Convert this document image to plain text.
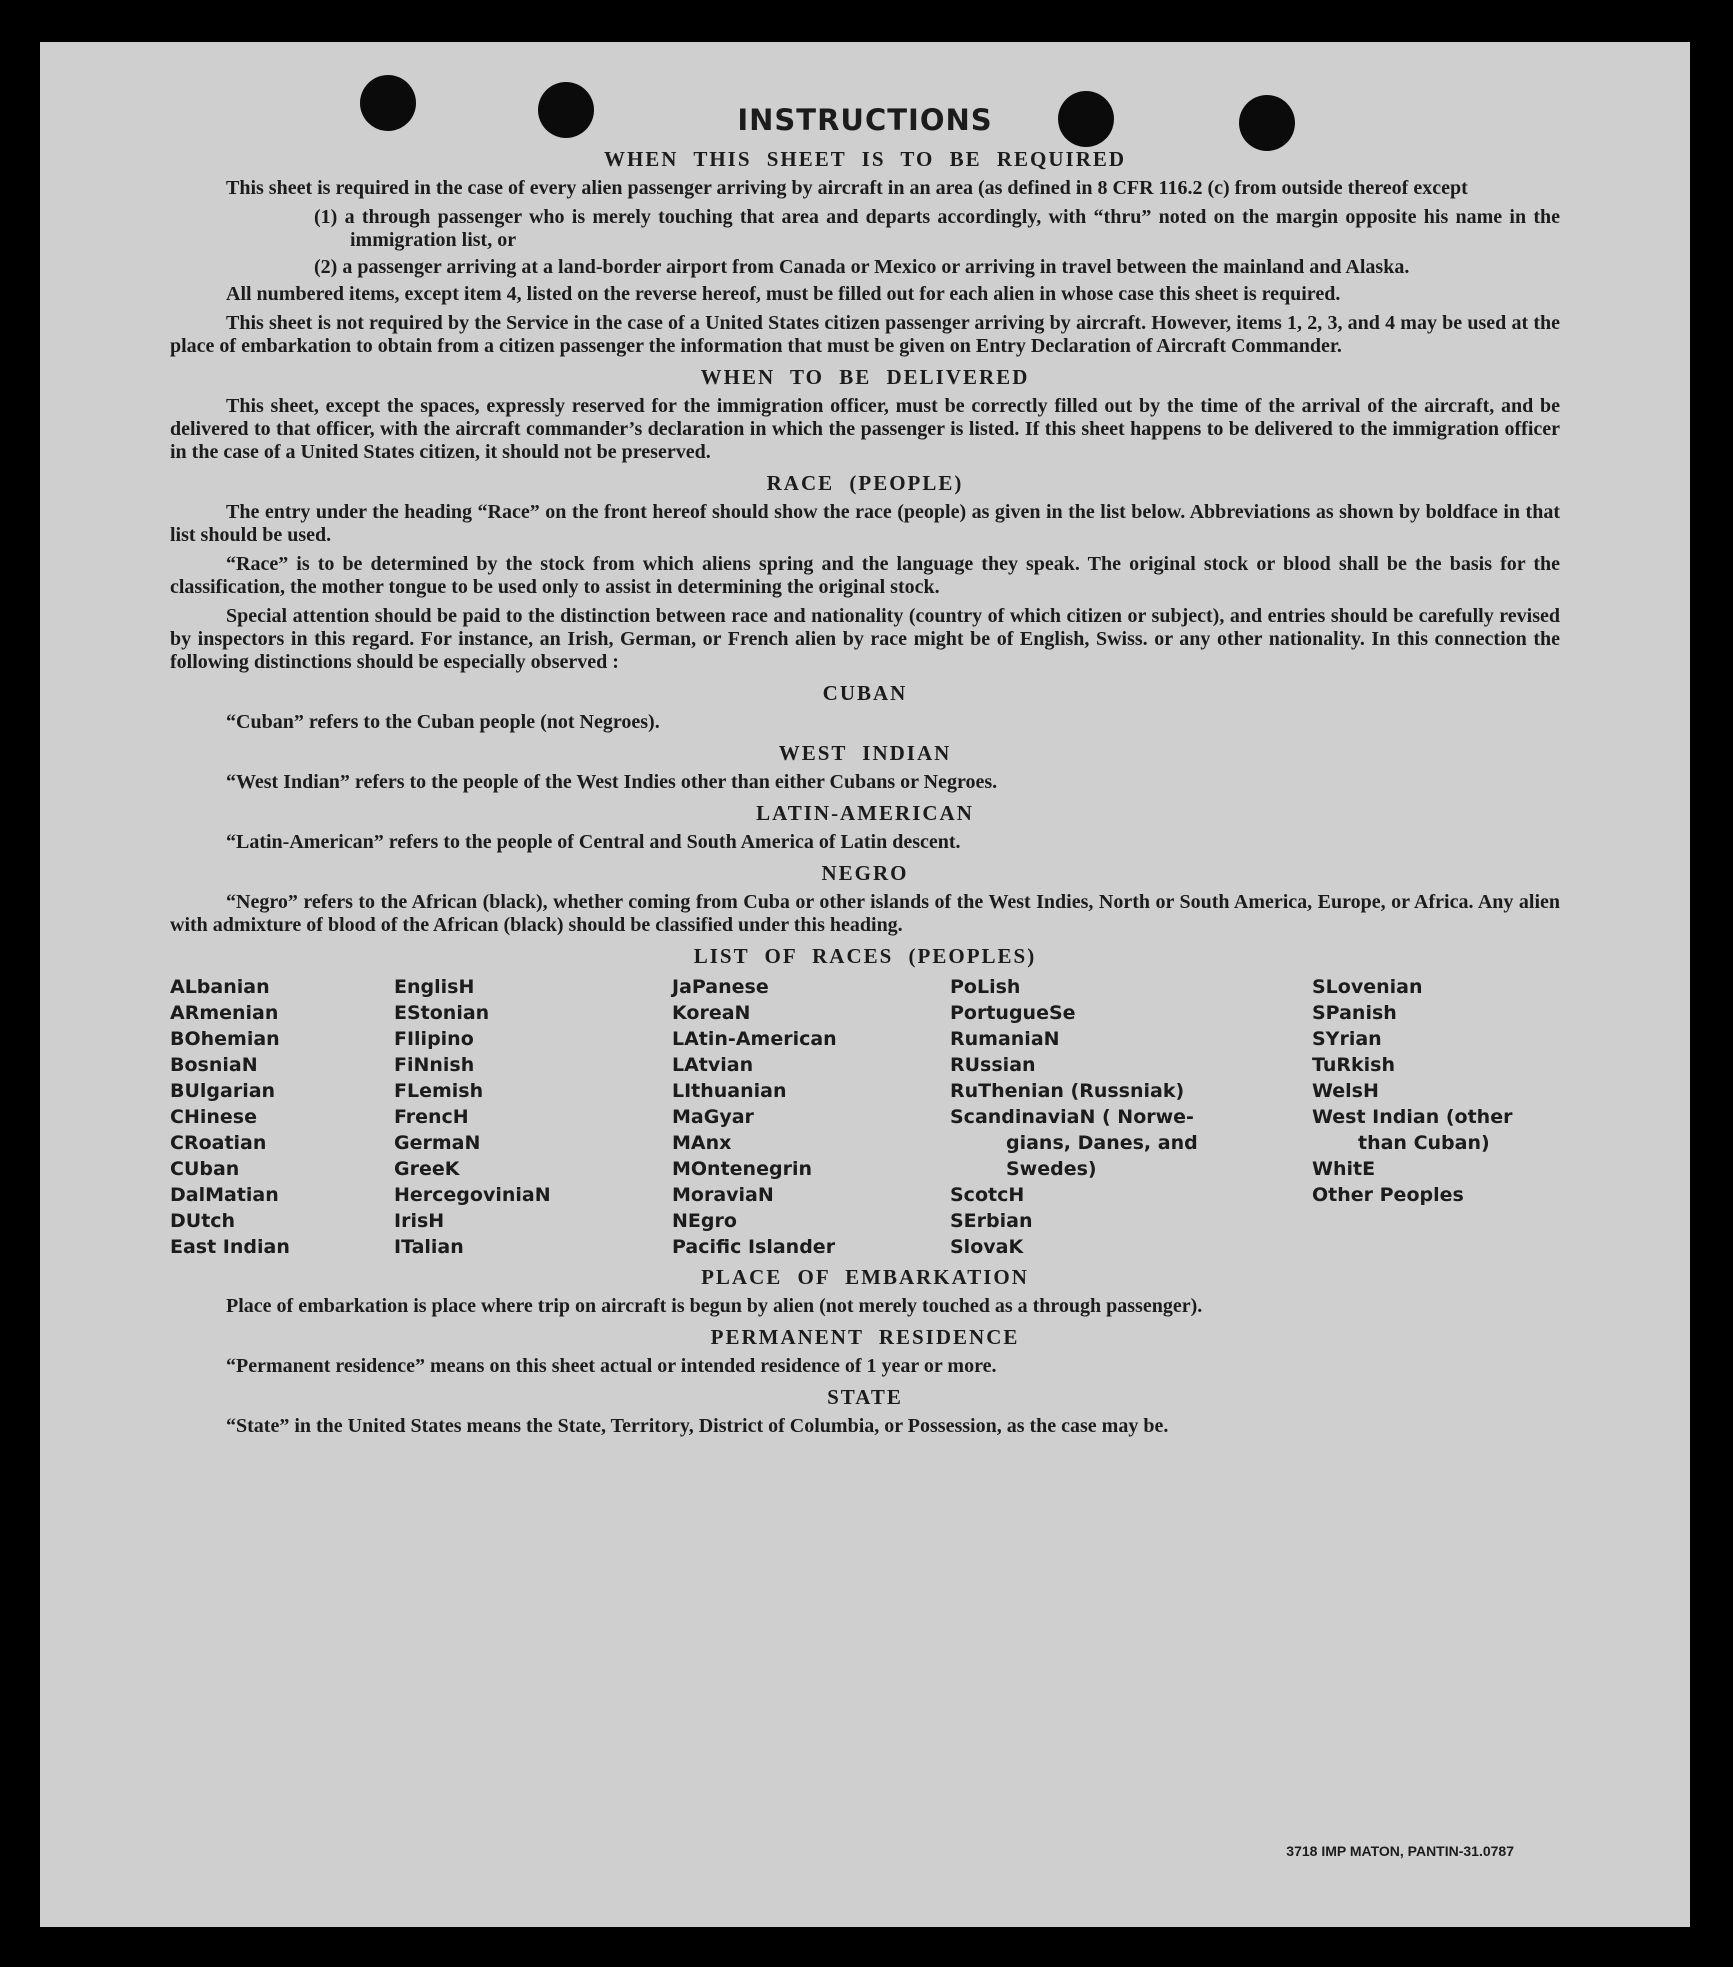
INSTRUCTIONS
WHEN THIS SHEET IS TO BE REQUIRED
This sheet is required in the case of every alien passenger arriving by aircraft in an area (as defined in 8 CFR 116.2 (c) from outside thereof except
(1) a through passenger who is merely touching that area and departs accordingly, with “thru” noted on the margin opposite his name in the immigration list, or
(2) a passenger arriving at a land-border airport from Canada or Mexico or arriving in travel between the mainland and Alaska.
All numbered items, except item 4, listed on the reverse hereof, must be filled out for each alien in whose case this sheet is required.
This sheet is not required by the Service in the case of a United States citizen passenger arriving by aircraft. However, items 1, 2, 3, and 4 may be used at the place of embarkation to obtain from a citizen passenger the information that must be given on Entry Declaration of Aircraft Commander.
WHEN TO BE DELIVERED
This sheet, except the spaces, expressly reserved for the immigration officer, must be correctly filled out by the time of the arrival of the aircraft, and be delivered to that officer, with the aircraft commander’s declaration in which the passenger is listed. If this sheet happens to be delivered to the immigration officer in the case of a United States citizen, it should not be preserved.
RACE (PEOPLE)
The entry under the heading “Race” on the front hereof should show the race (people) as given in the list below. Abbreviations as shown by boldface in that list should be used.
“Race” is to be determined by the stock from which aliens spring and the language they speak. The original stock or blood shall be the basis for the classification, the mother tongue to be used only to assist in determining the original stock.
Special attention should be paid to the distinction between race and nationality (country of which citizen or subject), and entries should be carefully revised by inspectors in this regard. For instance, an Irish, German, or French alien by race might be of English, Swiss. or any other nationality. In this connection the following distinctions should be especially observed :
CUBAN
“Cuban” refers to the Cuban people (not Negroes).
WEST INDIAN
“West Indian” refers to the people of the West Indies other than either Cubans or Negroes.
LATIN-AMERICAN
“Latin-American” refers to the people of Central and South America of Latin descent.
NEGRO
“Negro” refers to the African (black), whether coming from Cuba or other islands of the West Indies, North or South America, Europe, or Africa. Any alien with admixture of blood of the African (black) should be classified under this heading.
LIST OF RACES (PEOPLES)
ALbanian
ARmenian
BOhemian
BosniaN
BUlgarian
CHinese
CRoatian
CUban
DalMatian
DUtch
East Indian
EnglisH
EStonian
FIlipino
FiNnish
FLemish
FrencH
GermaN
GreeK
HercegoviniaN
IrisH
ITalian
JaPanese
KoreaN
LAtin-American
LAtvian
LIthuanian
MaGyar
MAnx
MOntenegrin
MoraviaN
NEgro
Pacific Islander
PoLish
PortugueSe
RumaniaN
RUssian
RuThenian (Russniak)
ScandinaviaN ( Norwe-
gians, Danes, and
Swedes)
ScotcH
SErbian
SlovaK
SLovenian
SPanish
SYrian
TuRkish
WelsH
West Indian (other
than Cuban)
WhitE
Other Peoples
PLACE OF EMBARKATION
Place of embarkation is place where trip on aircraft is begun by alien (not merely touched as a through passenger).
PERMANENT RESIDENCE
“Permanent residence” means on this sheet actual or intended residence of 1 year or more.
STATE
“State” in the United States means the State, Territory, District of Columbia, or Possession, as the case may be.
3718 IMP MATON, PANTIN-31.0787
